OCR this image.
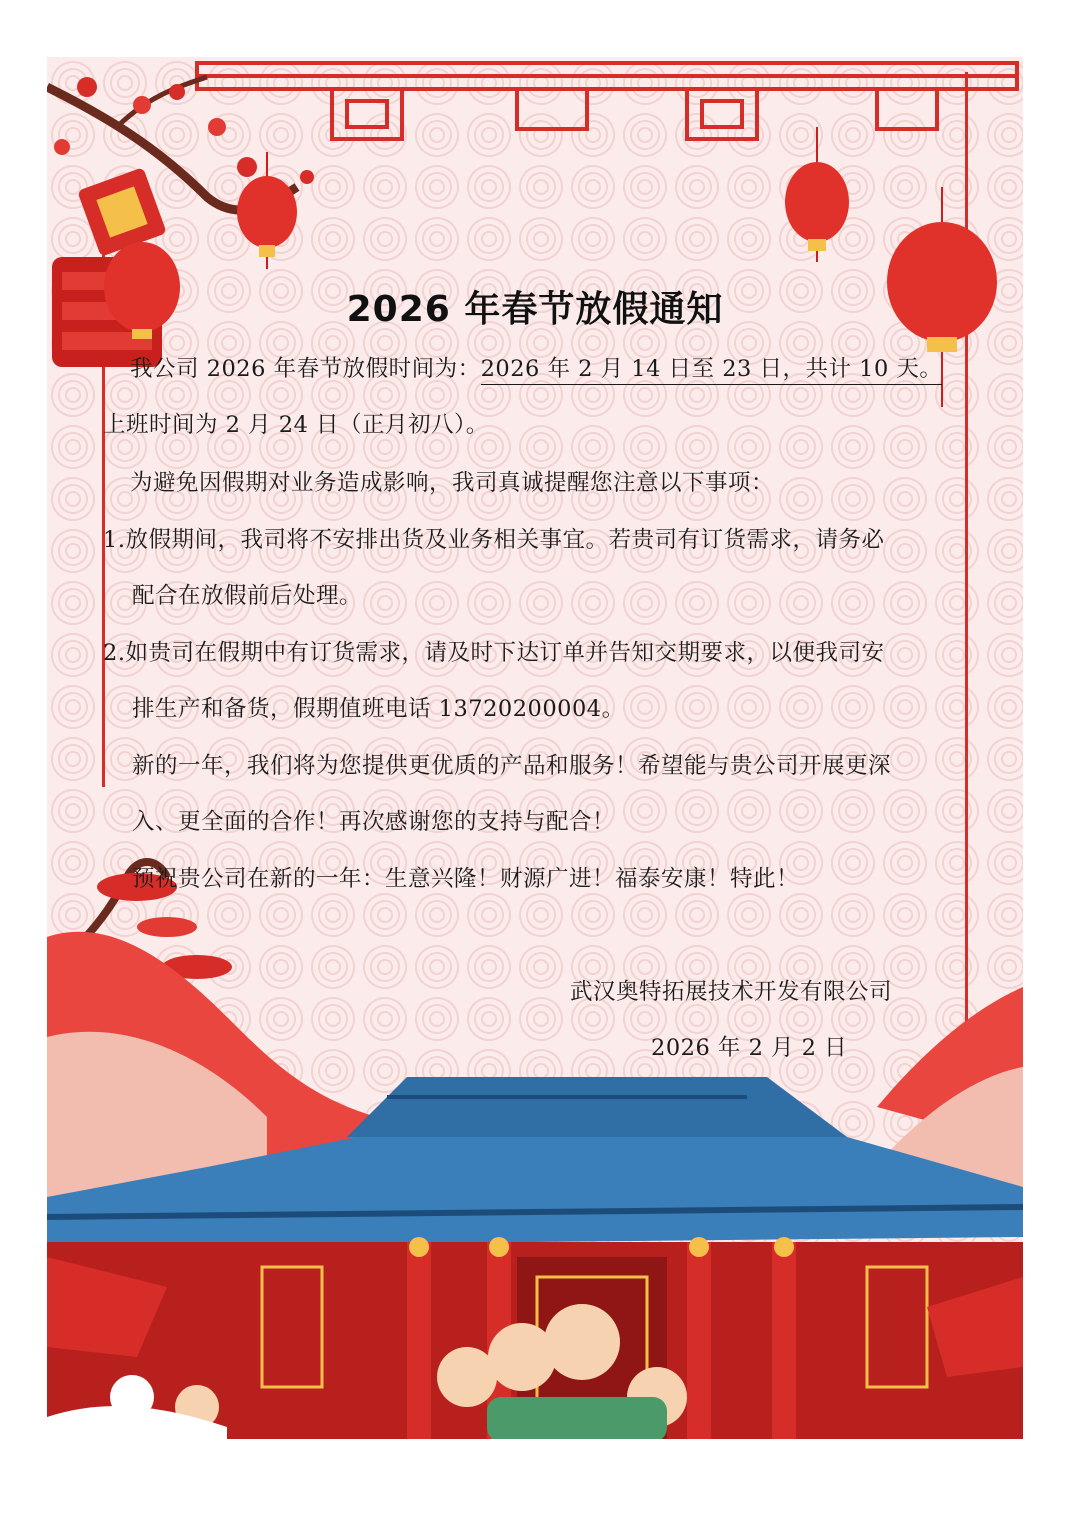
2026 年春节放假通知
我公司 2026 年春节放假时间为：2026 年 2 月 14 日至 23 日，共计 10 天。
上班时间为 2 月 24 日（正月初八）。
为避免因假期对业务造成影响，我司真诚提醒您注意以下事项：
1.放假期间，我司将不安排出货及业务相关事宜。若贵司有订货需求，请务必
配合在放假前后处理。
2.如贵司在假期中有订货需求，请及时下达订单并告知交期要求，以便我司安
排生产和备货，假期值班电话 13720200004。
新的一年，我们将为您提供更优质的产品和服务！希望能与贵公司开展更深
入、更全面的合作！再次感谢您的支持与配合！
预祝贵公司在新的一年：生意兴隆！财源广进！福泰安康！特此！
武汉奥特拓展技术开发有限公司
2026 年 2 月 2 日
